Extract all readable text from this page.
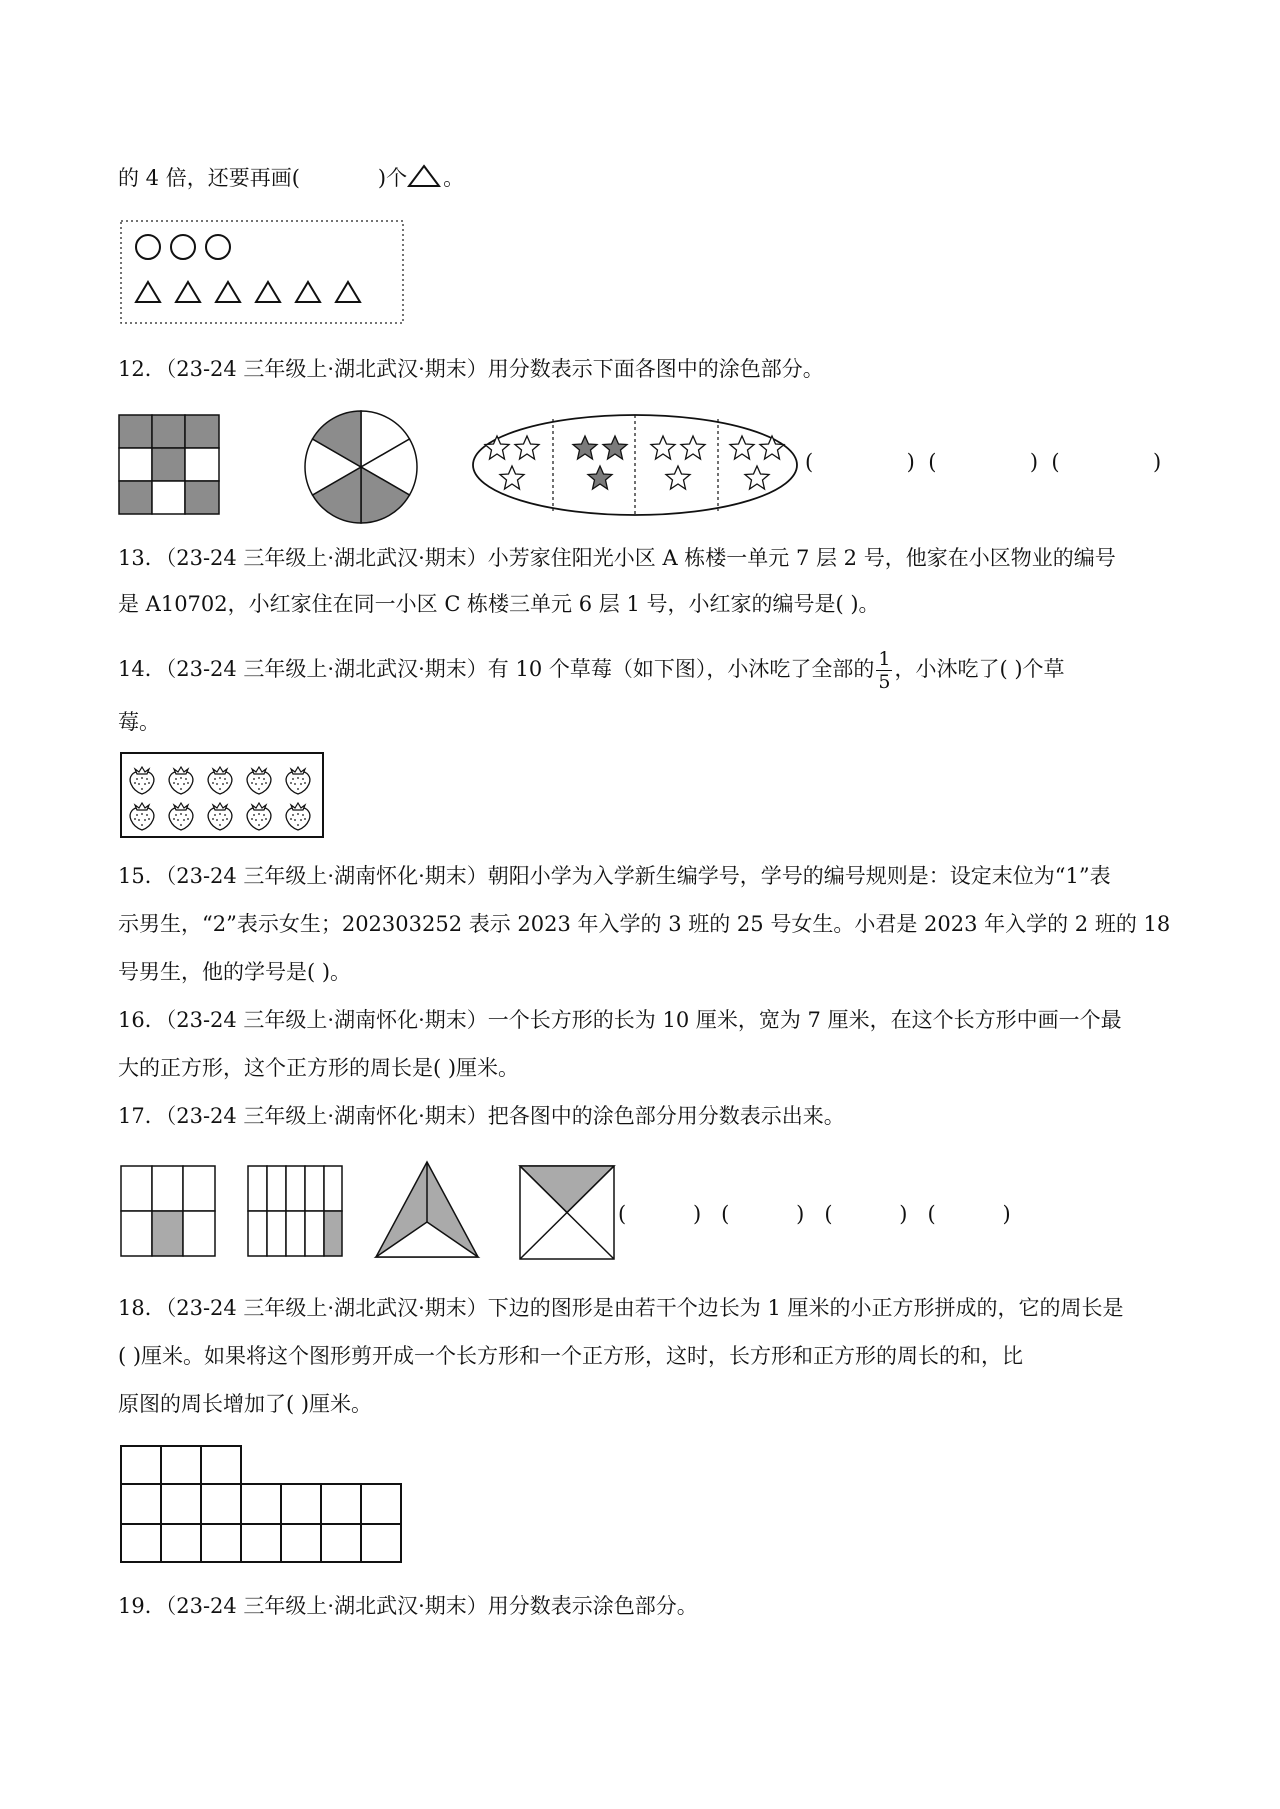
的 4 倍，还要再画(	)个 。
12．（23-24 三年级上·湖北武汉·期末）用分数表示下面各图中的涂色部分。
(              )  (              )  (              )
13．（23-24 三年级上·湖北武汉·期末）小芳家住阳光小区 A 栋楼一单元 7 层 2 号，他家在小区物业的编号
是 A10702，小红家住在同一小区 C 栋楼三单元 6 层 1 号，小红家的编号是( )。
14．（23-24 三年级上·湖北武汉·期末）有 10 个草莓（如下图），小沐吃了全部的 $\frac{1}{5}$ ，小沐吃了( )个草
莓。
15．（23-24 三年级上·湖南怀化·期末）朝阳小学为入学新生编学号，学号的编号规则是：设定末位为“1”表
示男生，“2”表示女生；202303252 表示 2023 年入学的 3 班的 25 号女生。小君是 2023 年入学的 2 班的 18
号男生，他的学号是( )。
16．（23-24 三年级上·湖南怀化·期末）一个长方形的长为 10 厘米，宽为 7 厘米，在这个长方形中画一个最
大的正方形，这个正方形的周长是( )厘米。
17．（23-24 三年级上·湖南怀化·期末）把各图中的涂色部分用分数表示出来。
(          )   (          )   (          )   (          )
18．（23-24 三年级上·湖北武汉·期末）下边的图形是由若干个边长为 1 厘米的小正方形拼成的，它的周长是
( )厘米。如果将这个图形剪开成一个长方形和一个正方形，这时，长方形和正方形的周长的和，比
原图的周长增加了( )厘米。
19．（23-24 三年级上·湖北武汉·期末）用分数表示涂色部分。
